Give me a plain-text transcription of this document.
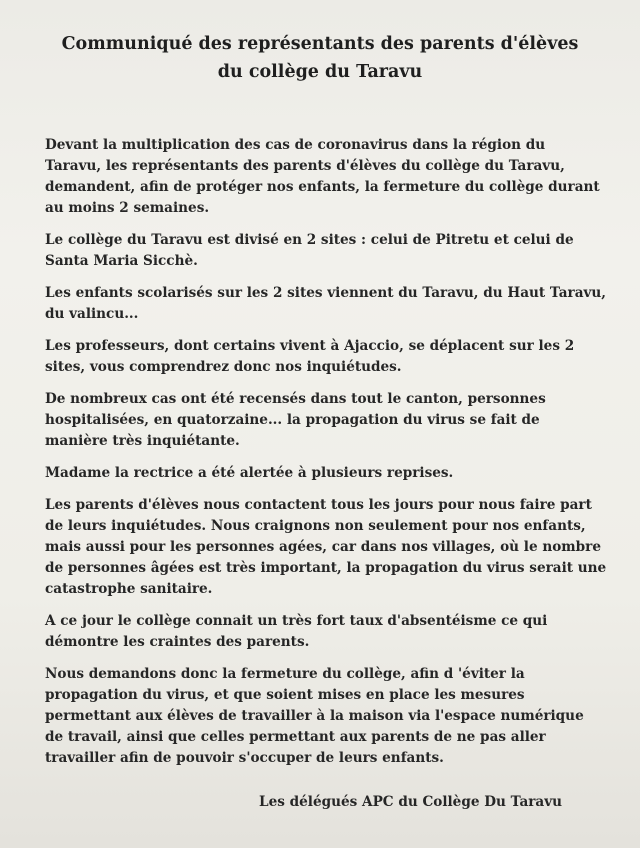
Communiqué des représentants des parents d'élèves
du collège du Taravu
Devant la multiplication des cas de coronavirus dans la région du
Taravu, les représentants des parents d'élèves du collège du Taravu,
demandent, afin de protéger nos enfants, la fermeture du collège durant
au moins 2 semaines.
Le collège du Taravu est divisé en 2 sites : celui de Pitretu et celui de
Santa Maria Sicchè.
Les enfants scolarisés sur les 2 sites viennent du Taravu, du Haut Taravu,
du valincu...
Les professeurs, dont certains vivent à Ajaccio, se déplacent sur les 2
sites, vous comprendrez donc nos inquiétudes.
De nombreux cas ont été recensés dans tout le canton, personnes
hospitalisées, en quatorzaine... la propagation du virus se fait de
manière très inquiétante.
Madame la rectrice a été alertée à plusieurs reprises.
Les parents d'élèves nous contactent tous les jours pour nous faire part
de leurs inquiétudes. Nous craignons non seulement pour nos enfants,
mais aussi pour les personnes agées, car dans nos villages, où le nombre
de personnes âgées est très important, la propagation du virus serait une
catastrophe sanitaire.
A ce jour le collège connait un très fort taux d'absentéisme ce qui
démontre les craintes des parents.
Nous demandons donc la fermeture du collège, afin d 'éviter la
propagation du virus, et que soient mises en place les mesures
permettant aux élèves de travailler à la maison via l'espace numérique
de travail, ainsi que celles permettant aux parents de ne pas aller
travailler afin de pouvoir s'occuper de leurs enfants.
Les délégués APC du Collège Du Taravu
